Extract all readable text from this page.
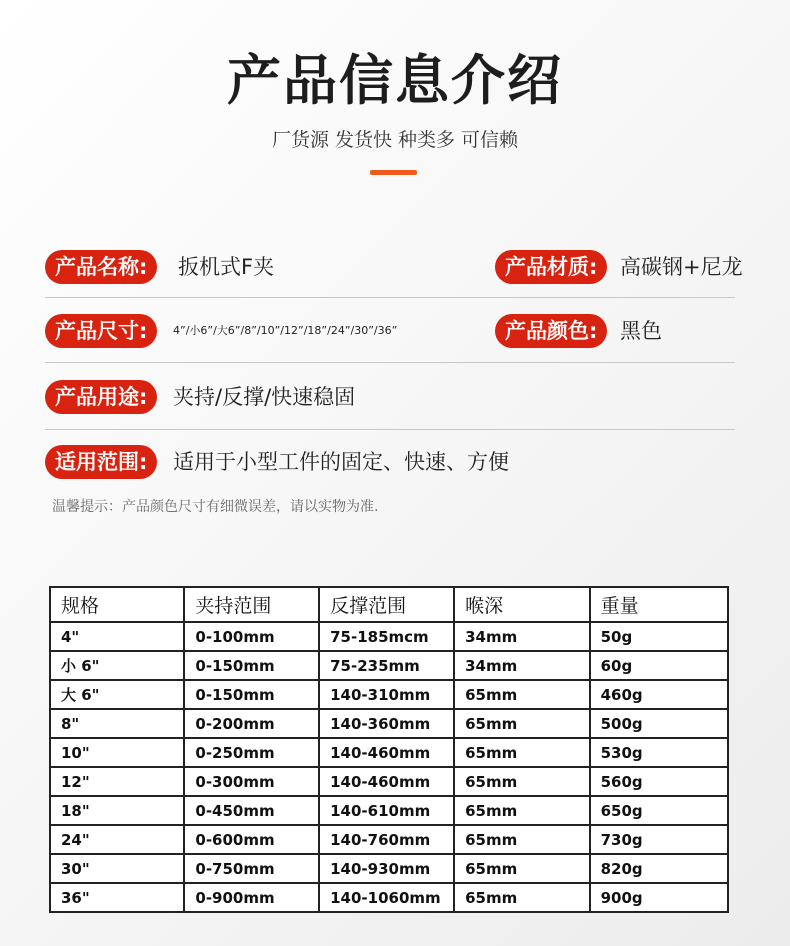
产品信息介绍
厂货源 发货快 种类多 可信赖
产品名称:	扳机式F夹	产品材质:	高碳钢+尼龙
产品尺寸:	4”/小6”/大6”/8”/10”/12”/18”/24”/30”/36”	产品颜色:	黑色
产品用途:	夹持/反撑/快速稳固
适用范围:	适用于小型工件的固定、快速、方便
温馨提示：产品颜色尺寸有细微误差，请以实物为准.
规格	夹持范围	反撑范围	喉深	重量
4"	0-100mm	75-185mcm	34mm	50g
小 6"	0-150mm	75-235mm	34mm	60g
大 6"	0-150mm	140-310mm	65mm	460g
8"	0-200mm	140-360mm	65mm	500g
10"	0-250mm	140-460mm	65mm	530g
12"	0-300mm	140-460mm	65mm	560g
18"	0-450mm	140-610mm	65mm	650g
24"	0-600mm	140-760mm	65mm	730g
30"	0-750mm	140-930mm	65mm	820g
36"	0-900mm	140-1060mm	65mm	900g
